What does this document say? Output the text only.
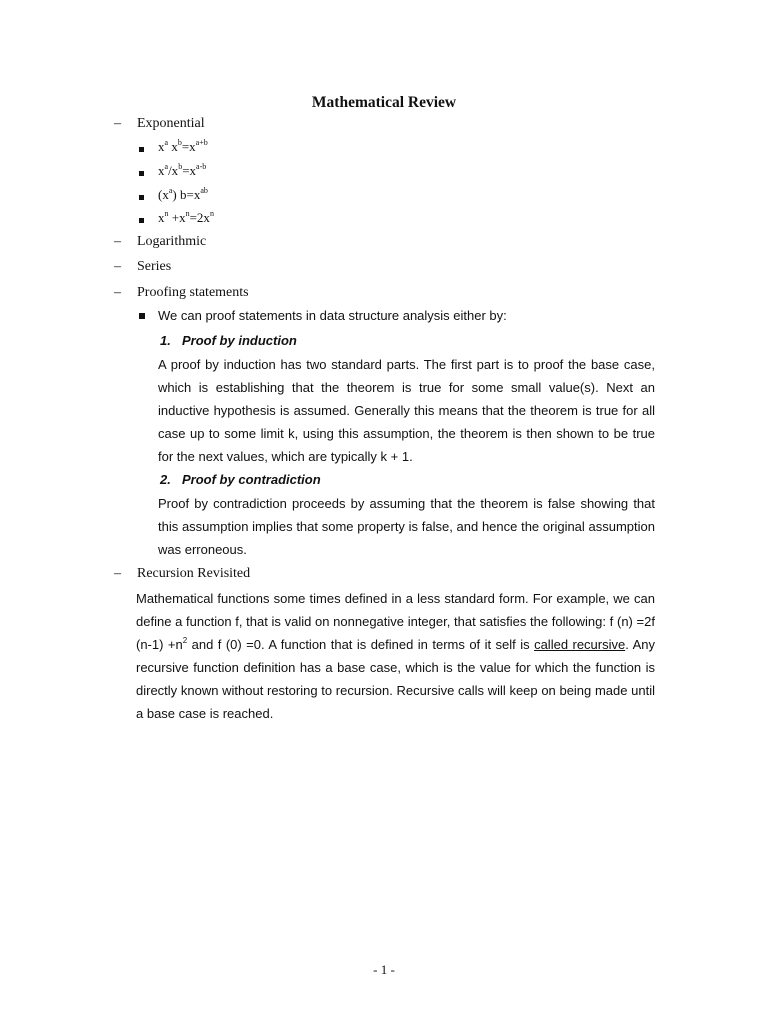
Mathematical Review
– Exponential
$x^a$ $x^b=x^{a+b}$
$x^a/x^b=x^{a-b}$
$(x^a)$ $b=x^{ab}$
$x^n +x^n=2x^n$
– Logarithmic
– Series
– Proofing statements
We can proof statements in data structure analysis either by:
1. Proof by induction
A proof by induction has two standard parts. The first part is to proof the base case, which is establishing that the theorem is true for some small value(s). Next an inductive hypothesis is assumed. Generally this means that the theorem is true for all case up to some limit k, using this assumption, the theorem is then shown to be true for the next values, which are typically k + 1.
2. Proof by contradiction
Proof by contradiction proceeds by assuming that the theorem is false showing that this assumption implies that some property is false, and hence the original assumption was erroneous.
– Recursion Revisited
Mathematical functions some times defined in a less standard form. For example, we can define a function f, that is valid on nonnegative integer, that satisfies the following: f (n) =2f $(n-1) +n^2$ and f (0) =0. A function that is defined in terms of it self is called recursive. Any recursive function definition has a base case, which is the value for which the function is directly known without restoring to recursion. Recursive calls will keep on being made until a base case is reached.
- 1 -
